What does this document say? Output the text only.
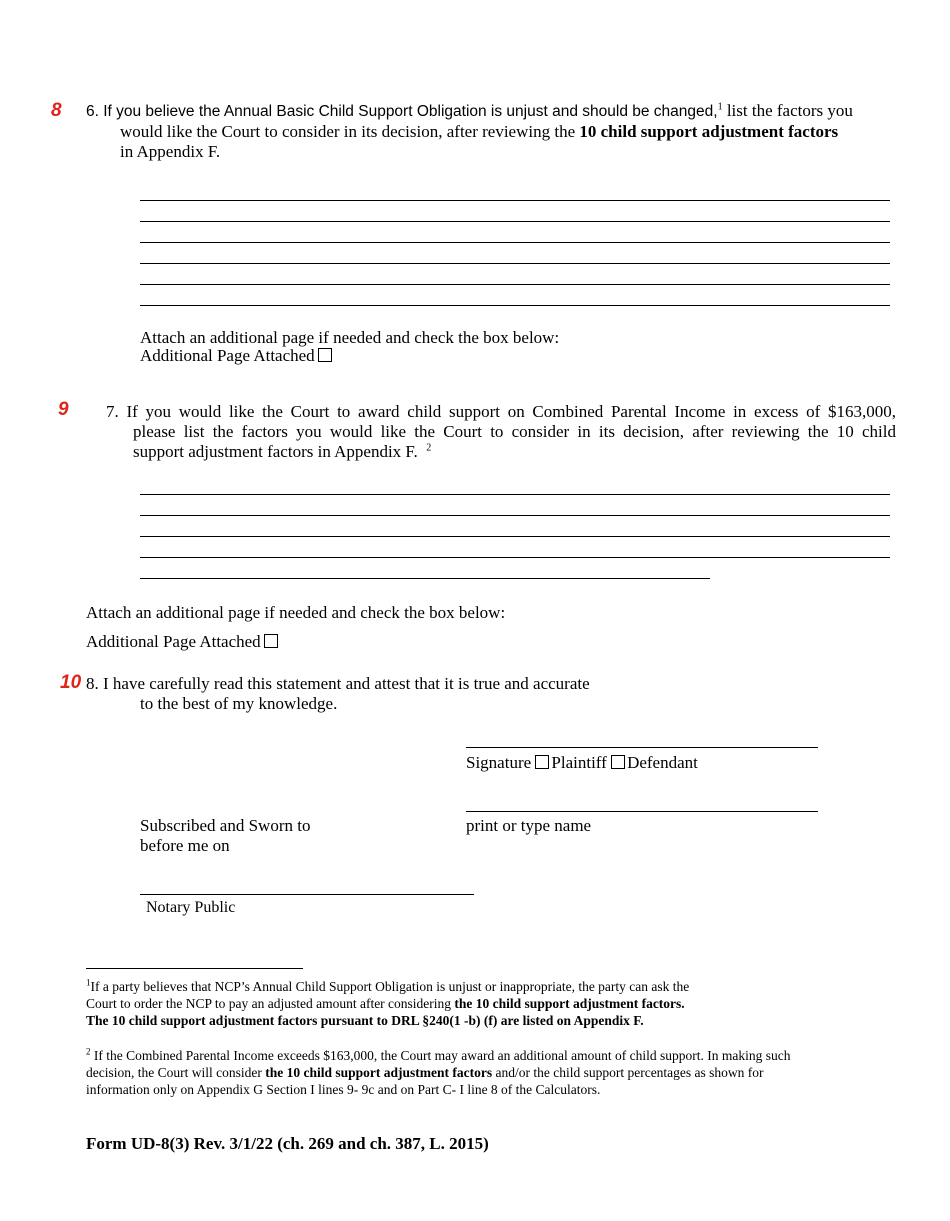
8 6. If you believe the Annual Basic Child Support Obligation is unjust and should be changed,$^1$ list the factors you
would like the Court to consider in its decision, after reviewing the 10 child support adjustment factors
in Appendix F.
Attach an additional page if needed and check the box below:
Additional Page Attached
9 7. If you would like the Court to award child support on Combined Parental Income in excess of $163,000,
please list the factors you would like the Court to consider in its decision, after reviewing the 10 child
support adjustment factors in Appendix F. $^2$
Attach an additional page if needed and check the box below:
Additional Page Attached
10 8. I have carefully read this statement and attest that it is true and accurate
to the best of my knowledge.
Signature Plaintiff Defendant
print or type name
Subscribed and Sworn to
before me on
Notary Public
$^1$If a party believes that NCP’s Annual Child Support Obligation is unjust or inappropriate, the party can ask the
Court to order the NCP to pay an adjusted amount after considering the 10 child support adjustment factors.
The 10 child support adjustment factors pursuant to DRL §240(1 -b) (f) are listed on Appendix F.
$^2$ If the Combined Parental Income exceeds $163,000, the Court may award an additional amount of child support. In making such
decision, the Court will consider the 10 child support adjustment factors and/or the child support percentages as shown for
information only on Appendix G Section I lines 9- 9c and on Part C- I line 8 of the Calculators.
Form UD-8(3) Rev. 3/1/22 (ch. 269 and ch. 387, L. 2015)
